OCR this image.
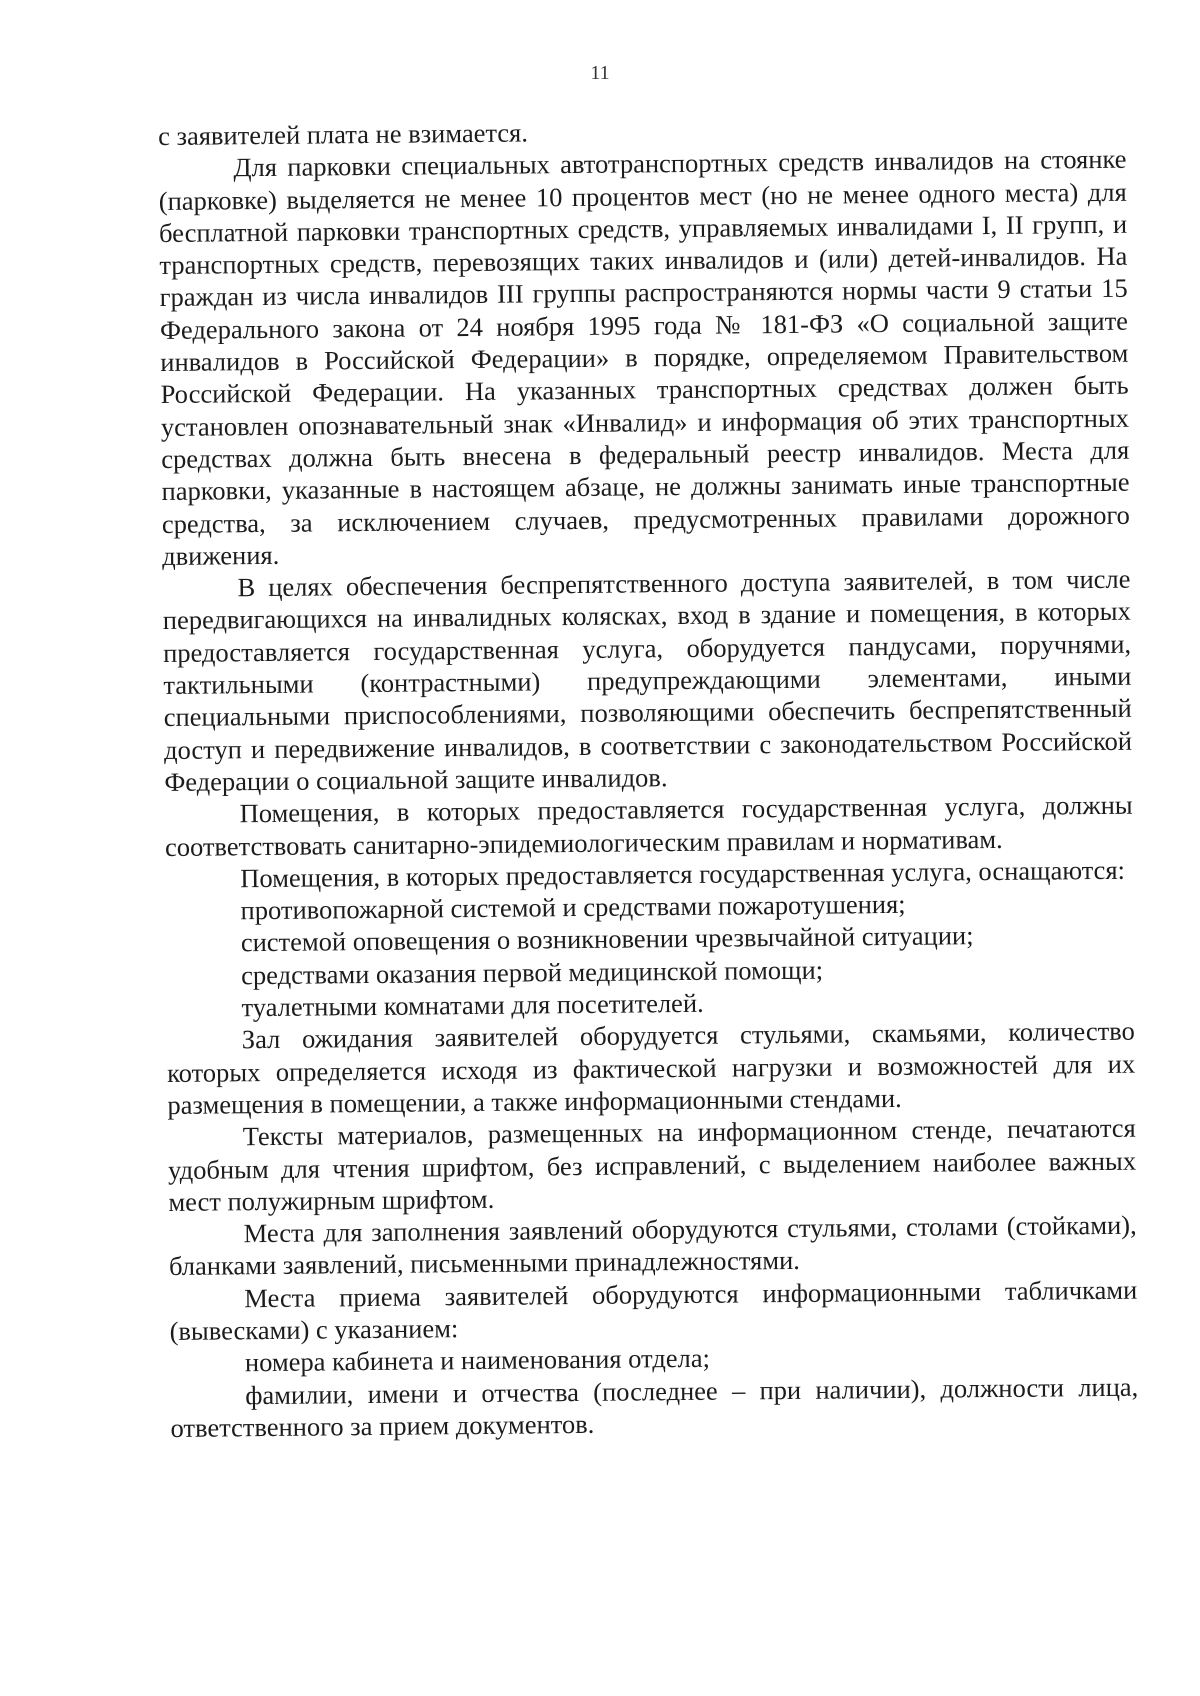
11

с заявителей плата не взимается.

Для парковки специальных автотранспортных средств инвалидов на стоянке (парковке) выделяется не менее 10 процентов мест (но не менее одного места) для бесплатной парковки транспортных средств, управляемых инвалидами I, II групп, и транспортных средств, перевозящих таких инвалидов и (или) детей-инвалидов. На граждан из числа инвалидов III группы распространяются нормы части 9 статьи 15 Федерального закона от 24 ноября 1995 года № 181-ФЗ «О социальной защите инвалидов в Российской Федерации» в порядке, определяемом Правительством Российской Федерации. На указанных транспортных средствах должен быть установлен опознавательный знак «Инвалид» и информация об этих транспортных средствах должна быть внесена в федеральный реестр инвалидов. Места для парковки, указанные в настоящем абзаце, не должны занимать иные транспортные средства, за исключением случаев, предусмотренных правилами дорожного движения.

В целях обеспечения беспрепятственного доступа заявителей, в том числе передвигающихся на инвалидных колясках, вход в здание и помещения, в которых предоставляется государственная услуга, оборудуется пандусами, поручнями, тактильными (контрастными) предупреждающими элементами, иными специальными приспособлениями, позволяющими обеспечить беспрепятственный доступ и передвижение инвалидов, в соответствии с законодательством Российской Федерации о социальной защите инвалидов.

Помещения, в которых предоставляется государственная услуга, должны соответствовать санитарно-эпидемиологическим правилам и нормативам.

Помещения, в которых предоставляется государственная услуга, оснащаются:

противопожарной системой и средствами пожаротушения;

системой оповещения о возникновении чрезвычайной ситуации;

средствами оказания первой медицинской помощи;

туалетными комнатами для посетителей.

Зал ожидания заявителей оборудуется стульями, скамьями, количество которых определяется исходя из фактической нагрузки и возможностей для их размещения в помещении, а также информационными стендами.

Тексты материалов, размещенных на информационном стенде, печатаются удобным для чтения шрифтом, без исправлений, с выделением наиболее важных мест полужирным шрифтом.

Места для заполнения заявлений оборудуются стульями, столами (стойками), бланками заявлений, письменными принадлежностями.

Места приема заявителей оборудуются информационными табличками (вывесками) с указанием:

номера кабинета и наименования отдела;

фамилии, имени и отчества (последнее – при наличии), должности лица, ответственного за прием документов.
